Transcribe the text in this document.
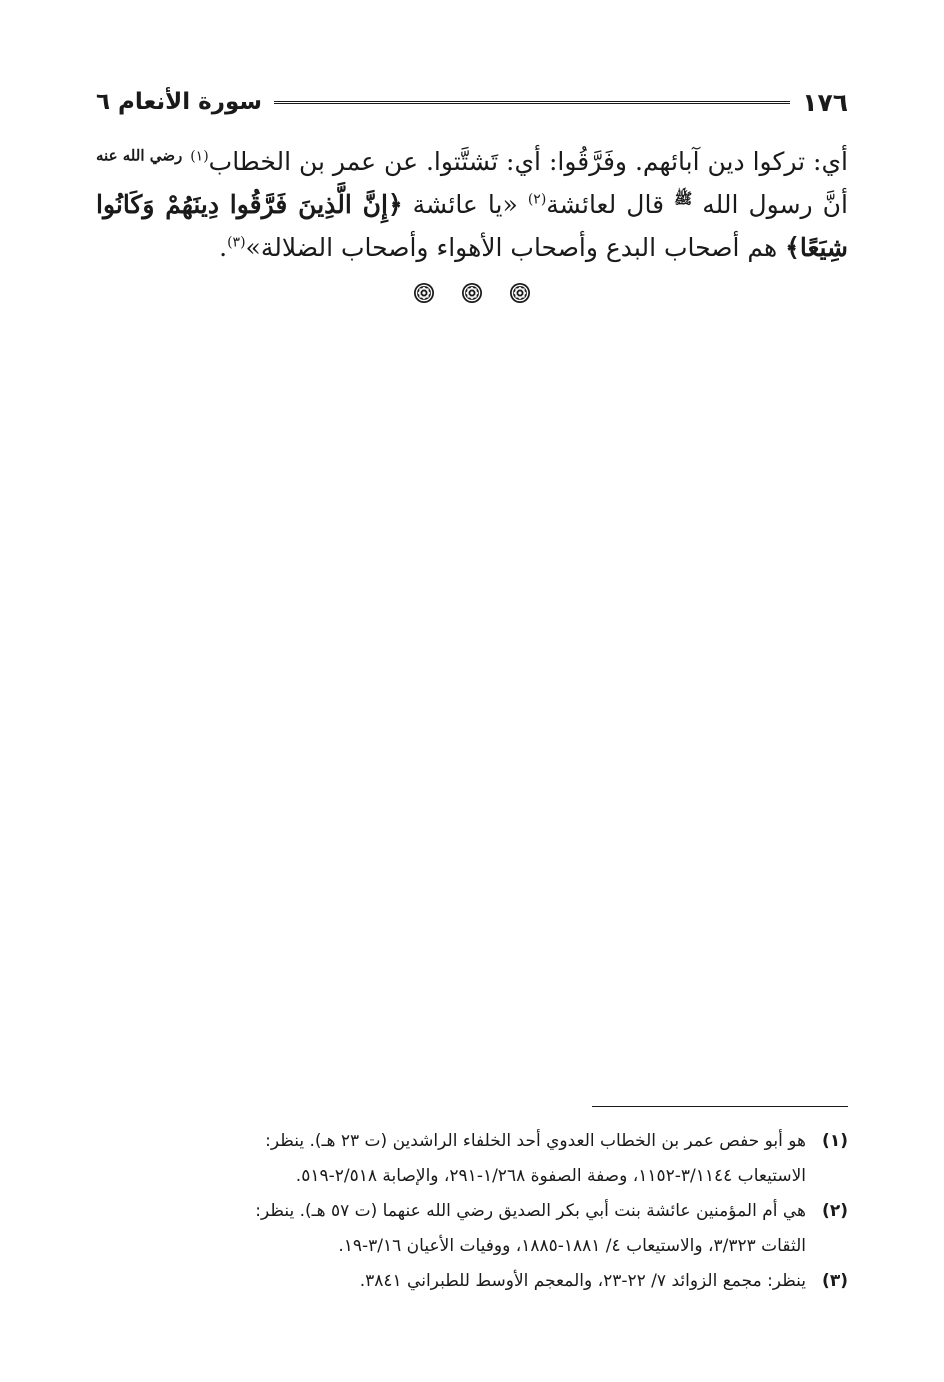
١٧٦
سورة الأنعام ٦

أي: تركوا دين آبائهم. وفَرَّقُوا: أي: تَشتَّتوا. عن عمر بن الخطاب$^{(١)}$ $^{رضي الله عنه}$ أنَّ رسول الله $^ﷺ$ قال لعائشة$^{(٢)}$ «يا عائشة ﴿إِنَّ الَّذِينَ فَرَّقُوا دِينَهُمْ وَكَانُوا شِيَعًا﴾ هم أصحاب البدع وأصحاب الأهواء وأصحاب الضلالة»$^{(٣)}$.

(١)
هو أبو حفص عمر بن الخطاب العدوي أحد الخلفاء الراشدين (ت ٢٣ هـ). ينظر:
الاستيعاب ٣/١١٤٤-١١٥٢، وصفة الصفوة ١/٢٦٨-٢٩١، والإصابة ٢/٥١٨-٥١٩.
(٢)
هي أم المؤمنين عائشة بنت أبي بكر الصديق رضي الله عنهما (ت ٥٧ هـ). ينظر:
الثقات ٣/٣٢٣، والاستيعاب ٤/ ١٨٨١-١٨٨٥، ووفيات الأعيان ٣/١٦-١٩.
(٣)
ينظر: مجمع الزوائد ٧/ ٢٢-٢٣، والمعجم الأوسط للطبراني ٣٨٤١.
